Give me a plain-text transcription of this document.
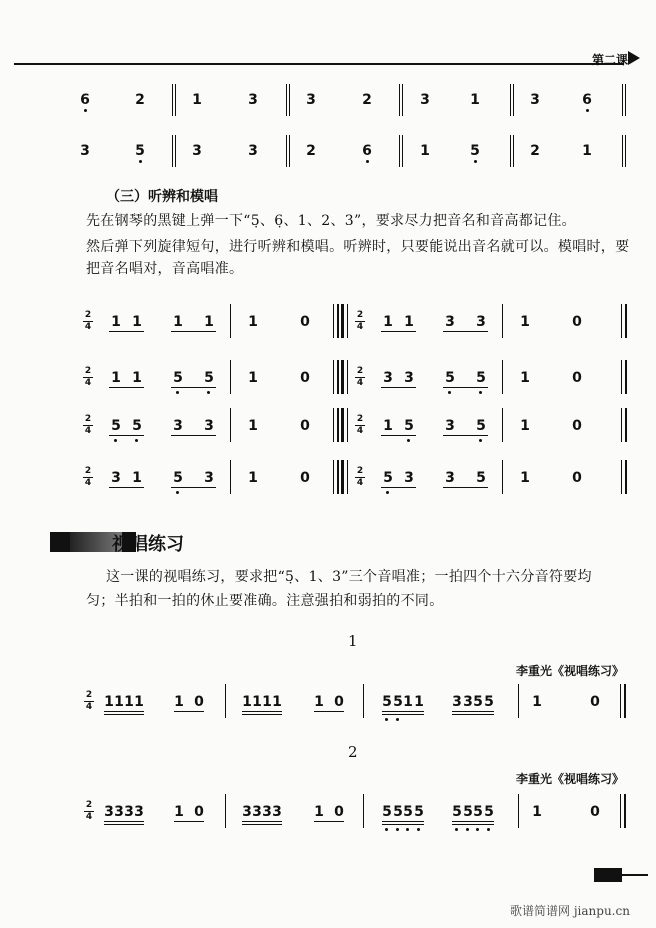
第二课
6	2	1	3	3	2	3	1	3	6
3	5	3	3	2	6	1	5	2	1
（三）听辨和模唱
先在钢琴的黑键上弹一下“5̣、6̣、1、2、3”，要求尽力把音名和音高都记住。
然后弹下列旋律短句，进行听辨和模唱。听辨时，只要能说出音名就可以。模唱时，要
把音名唱对，音高唱准。
2
4 1 1 1 1 1	0	2
4 1 1 3 3 1	0
2
4 1 1 5 5 1	0	2
4 3 3 5 5 1	0
2
4 5 5 3 3 1	0	2
4 1 5 3 5 1	0
2
4 3 1 5 3 1	0	2
4 5 3 3 5 1	0
视唱练习
这一课的视唱练习，要求把“5̣、1、3”三个音唱准；一拍四个十六分音符要均
匀；半拍和一拍的休止要准确。注意强拍和弱拍的不同。
1
李重光《视唱练习》
2
李重光《视唱练习》
2
4 1 1 1 1 1 0	1 1 1 1 1 0	5 5 1 1 3 3 5 5	1	0
2
4 3 3 3 3 1 0	3 3 3 3 1 0	5 5 5 5 5 5 5 5	1	0
歌谱简谱网 jianpu.cn
